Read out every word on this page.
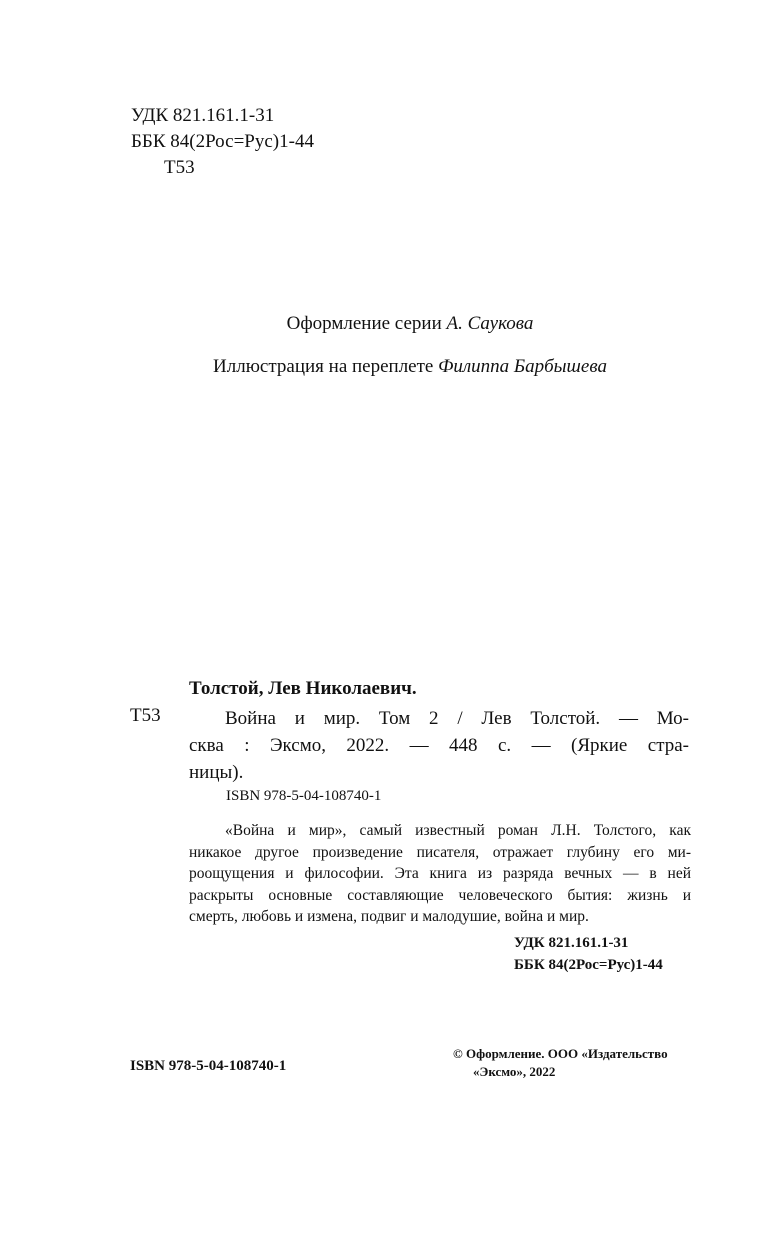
УДК 821.161.1-31
ББК 84(2Рос=Рус)1-44
Т53
Оформление серии А. Саукова
Иллюстрация на переплете Филиппа Барбышева
Толстой, Лев Николаевич.
Т53	Война и мир. Том 2 / Лев Толстой. — Мо-
сква : Эксмо, 2022. — 448 с. — (Яркие стра-
ницы).
ISBN 978-5-04-108740-1
«Война и мир», самый известный роман Л.Н. Толстого, как
никакое другое произведение писателя, отражает глубину его ми-
роощущения и философии. Эта книга из разряда вечных — в ней
раскрыты основные составляющие человеческого бытия: жизнь и
смерть, любовь и измена, подвиг и малодушие, война и мир.
УДК 821.161.1-31
ББК 84(2Рос=Рус)1-44
ISBN 978-5-04-108740-1
© Оформление. ООО «Издательство
«Эксмо», 2022
